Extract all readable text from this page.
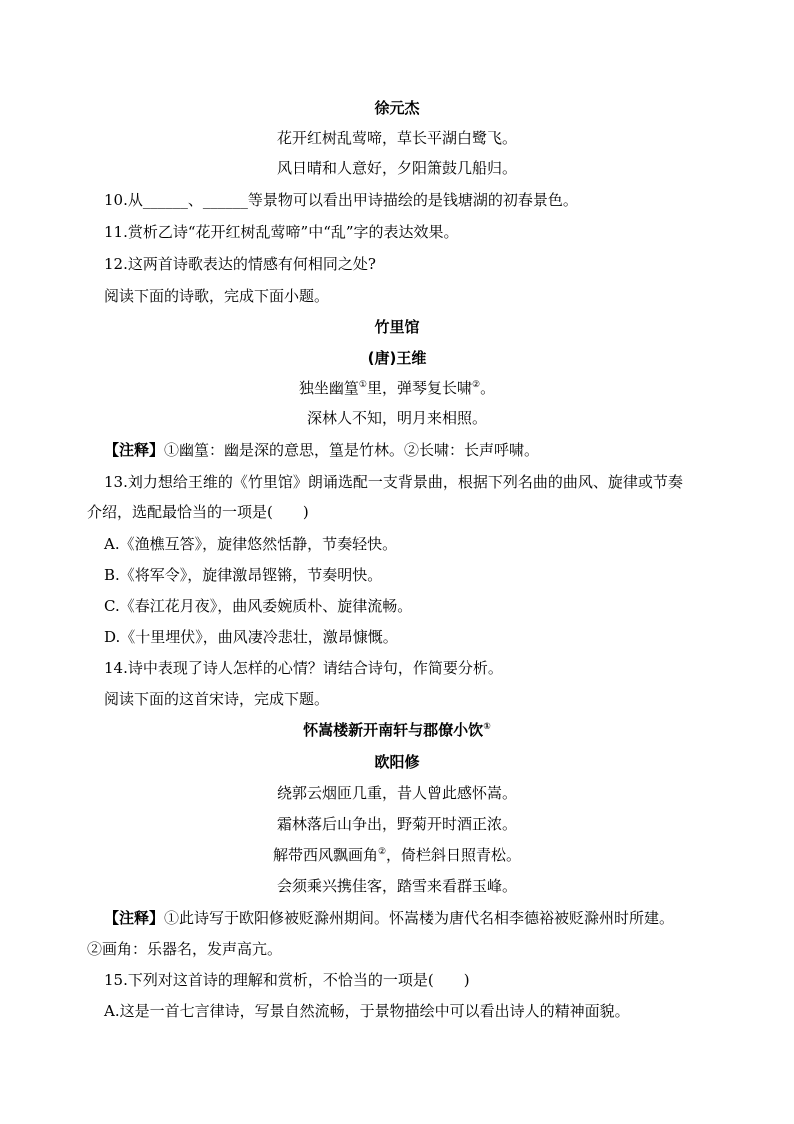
徐元杰
花开红树乱莺啼，草长平湖白鹭飞。
风日晴和人意好，夕阳箫鼓几船归。
10.从______、______等景物可以看出甲诗描绘的是钱塘湖的初春景色。
11.赏析乙诗“花开红树乱莺啼”中“乱”字的表达效果。
12.这两首诗歌表达的情感有何相同之处?
阅读下面的诗歌，完成下面小题。
竹里馆
(唐)王维
独坐幽篁①里，弹琴复长啸②。
深林人不知，明月来相照。
【注释】①幽篁：幽是深的意思，篁是竹林。②长啸：长声呼啸。
13.刘力想给王维的《竹里馆》朗诵选配一支背景曲，根据下列名曲的曲风、旋律或节奏
介绍，选配最恰当的一项是(　　)
A.《渔樵互答》，旋律悠然恬静，节奏轻快。
B.《将军令》，旋律激昂铿锵，节奏明快。
C.《春江花月夜》，曲风委婉质朴、旋律流畅。
D.《十里埋伏》，曲风凄冷悲壮，激昂慷慨。
14.诗中表现了诗人怎样的心情？请结合诗句，作简要分析。
阅读下面的这首宋诗，完成下题。
怀嵩楼新开南轩与郡僚小饮①
欧阳修
绕郭云烟匝几重，昔人曾此感怀嵩。
霜林落后山争出，野菊开时酒正浓。
解带西风飘画角②，倚栏斜日照青松。
会须乘兴携佳客，踏雪来看群玉峰。
【注释】①此诗写于欧阳修被贬滁州期间。怀嵩楼为唐代名相李德裕被贬滁州时所建。
②画角：乐器名，发声高亢。
15.下列对这首诗的理解和赏析，不恰当的一项是(　　)
A.这是一首七言律诗，写景自然流畅，于景物描绘中可以看出诗人的精神面貌。
